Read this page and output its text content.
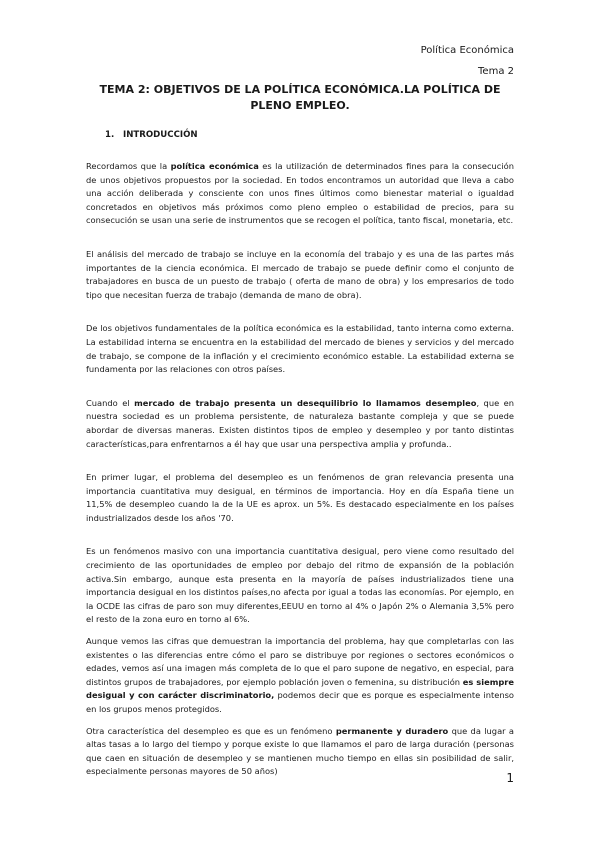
Política Económica
Tema 2
TEMA 2: OBJETIVOS DE LA POLÍTICA ECONÓMICA.LA POLÍTICA DE PLENO EMPLEO.
1. INTRODUCCIÓN

Recordamos que la política económica es la utilización de determinados fines para la consecución de unos objetivos propuestos por la sociedad. En todos encontramos un autoridad que lleva a cabo una acción deliberada y consciente con unos fines últimos como bienestar material o igualdad concretados en objetivos más próximos como pleno empleo o estabilidad de precios, para su consecución se usan una serie de instrumentos que se recogen el política, tanto fiscal, monetaria, etc.

El análisis del mercado de trabajo se incluye en la economía del trabajo y es una de las partes más importantes de la ciencia económica. El mercado de trabajo se puede definir como el conjunto de trabajadores en busca de un puesto de trabajo ( oferta de mano de obra) y los empresarios de todo tipo que necesitan fuerza de trabajo (demanda de mano de obra).

De los objetivos fundamentales de la política económica es la estabilidad, tanto interna como externa. La estabilidad interna se encuentra en la estabilidad del mercado de bienes y servicios y del mercado de trabajo, se compone de la inflación y el crecimiento económico estable. La estabilidad externa se fundamenta por las relaciones con otros países.

Cuando el mercado de trabajo presenta un desequilibrio lo llamamos desempleo, que en nuestra sociedad es un problema persistente, de naturaleza bastante compleja y que se puede abordar de diversas maneras. Existen distintos tipos de empleo y desempleo y por tanto distintas características,para enfrentarnos a él hay que usar una perspectiva amplia y profunda..

En primer lugar, el problema del desempleo es un fenómenos de gran relevancia presenta una importancia cuantitativa muy desigual, en términos de importancia. Hoy en día España tiene un 11,5% de desempleo cuando la de la UE es aprox. un 5%. Es destacado especialmente en los países industrializados desde los años '70.

Es un fenómenos masivo con una importancia cuantitativa desigual, pero viene como resultado del crecimiento de las oportunidades de empleo por debajo del ritmo de expansión de la población activa.Sin embargo, aunque esta presenta en la mayoría de países industrializados tiene una importancia desigual en los distintos países,no afecta por igual a todas las economías. Por ejemplo, en la OCDE las cifras de paro son muy diferentes,EEUU en torno al 4% o Japón 2% o Alemania 3,5% pero el resto de la zona euro en torno al 6%.

Aunque vemos las cifras que demuestran la importancia del problema, hay que completarlas con las existentes o las diferencias entre cómo el paro se distribuye por regiones o sectores económicos o edades, vemos así una imagen más completa de lo que el paro supone de negativo, en especial, para distintos grupos de trabajadores, por ejemplo población joven o femenina, su distribución es siempre desigual y con carácter discriminatorio, podemos decir que es porque es especialmente intenso en los grupos menos protegidos.

Otra característica del desempleo es que es un fenómeno permanente y duradero que da lugar a altas tasas a lo largo del tiempo y porque existe lo que llamamos el paro de larga duración (personas que caen en situación de desempleo y se mantienen mucho tiempo en ellas sin posibilidad de salir, especialmente personas mayores de 50 años)	1
